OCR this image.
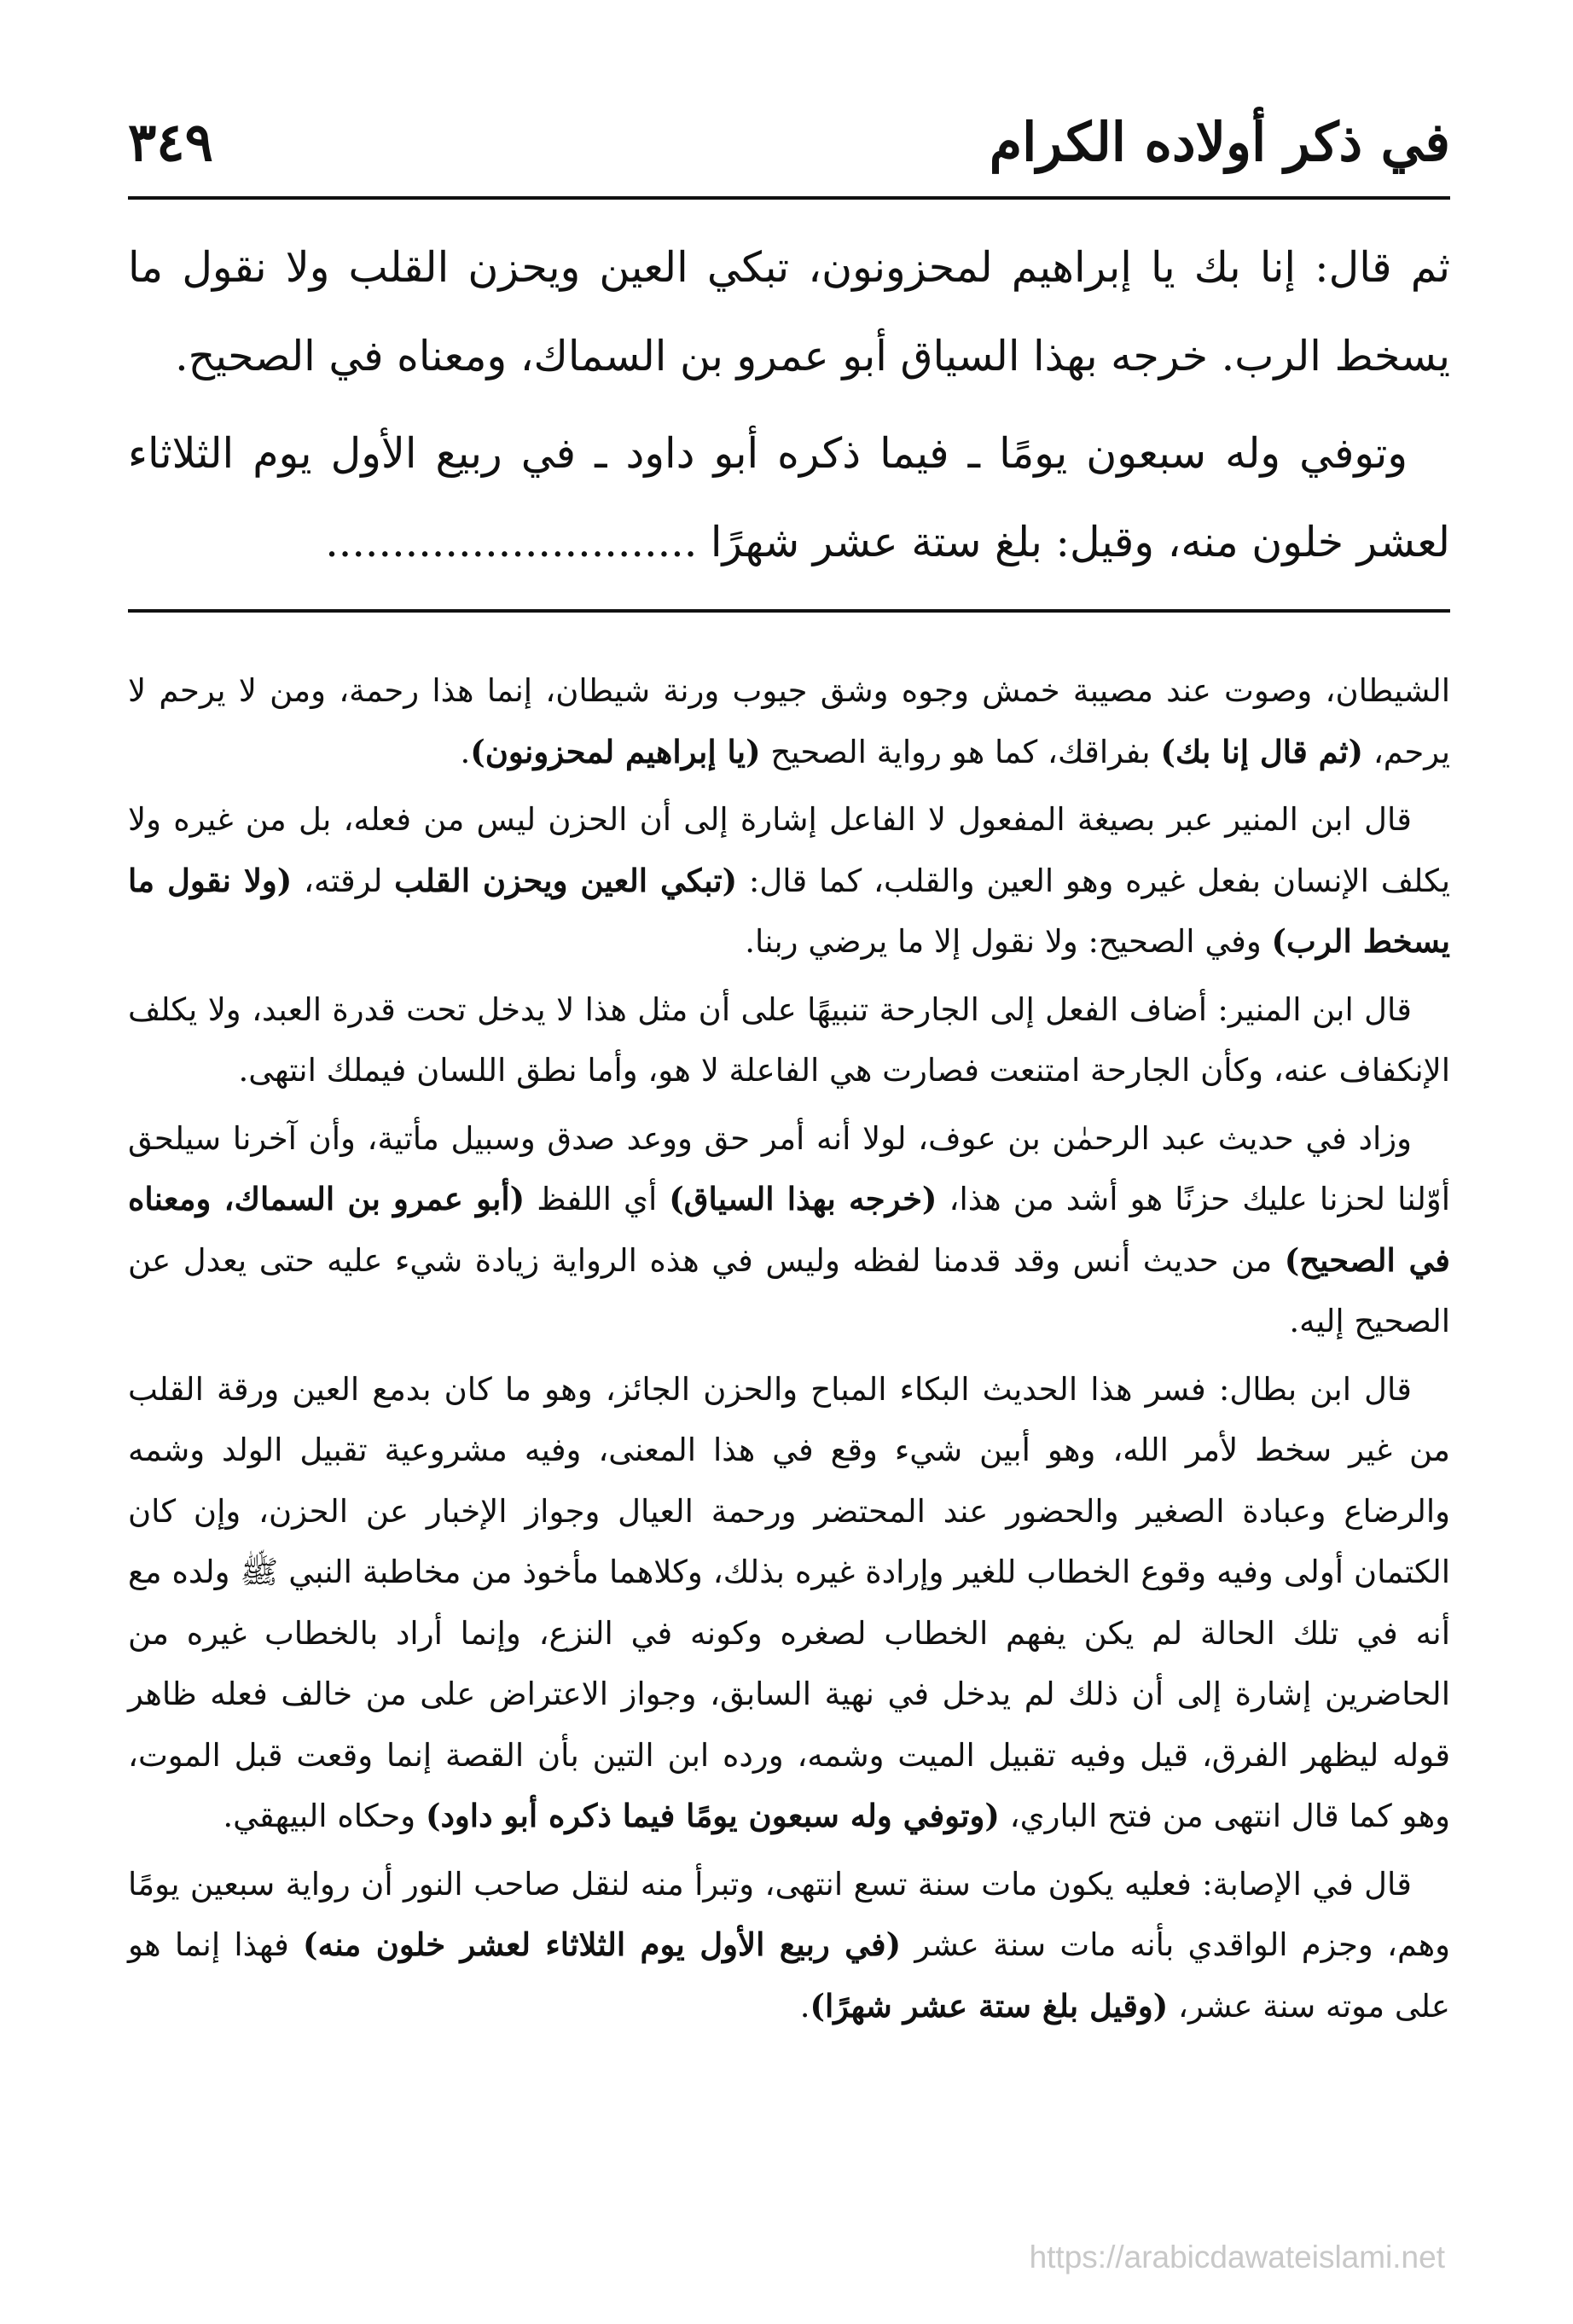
في ذكر أولاده الكرام
٣٤٩

ثم قال: إنا بك يا إبراهيم لمحزونون، تبكي العين ويحزن القلب ولا نقول ما يسخط الرب. خرجه بهذا السياق أبو عمرو بن السماك، ومعناه في الصحيح.

وتوفي وله سبعون يومًا ـ فيما ذكره أبو داود ـ في ربيع الأول يوم الثلاثاء لعشر خلون منه، وقيل: بلغ ستة عشر شهرًا ............................

الشيطان، وصوت عند مصيبة خمش وجوه وشق جيوب ورنة شيطان، إنما هذا رحمة، ومن لا يرحم لا يرحم، (ثم قال إنا بك) بفراقك، كما هو رواية الصحيح (يا إبراهيم لمحزونون).

قال ابن المنير عبر بصيغة المفعول لا الفاعل إشارة إلى أن الحزن ليس من فعله، بل من غيره ولا يكلف الإنسان بفعل غيره وهو العين والقلب، كما قال: (تبكي العين ويحزن القلب لرقته، (ولا نقول ما يسخط الرب) وفي الصحيح: ولا نقول إلا ما يرضي ربنا.

قال ابن المنير: أضاف الفعل إلى الجارحة تنبيهًا على أن مثل هذا لا يدخل تحت قدرة العبد، ولا يكلف الإنكفاف عنه، وكأن الجارحة امتنعت فصارت هي الفاعلة لا هو، وأما نطق اللسان فيملك انتهى.

وزاد في حديث عبد الرحمٰن بن عوف، لولا أنه أمر حق ووعد صدق وسبيل مأتية، وأن آخرنا سيلحق أوّلنا لحزنا عليك حزنًا هو أشد من هذا، (خرجه بهذا السياق) أي اللفظ (أبو عمرو بن السماك، ومعناه في الصحيح) من حديث أنس وقد قدمنا لفظه وليس في هذه الرواية زيادة شيء عليه حتى يعدل عن الصحيح إليه.

قال ابن بطال: فسر هذا الحديث البكاء المباح والحزن الجائز، وهو ما كان بدمع العين ورقة القلب من غير سخط لأمر الله، وهو أبين شيء وقع في هذا المعنى، وفيه مشروعية تقبيل الولد وشمه والرضاع وعبادة الصغير والحضور عند المحتضر ورحمة العيال وجواز الإخبار عن الحزن، وإن كان الكتمان أولى وفيه وقوع الخطاب للغير وإرادة غيره بذلك، وكلاهما مأخوذ من مخاطبة النبي ﷺ ولده مع أنه في تلك الحالة لم يكن يفهم الخطاب لصغره وكونه في النزع، وإنما أراد بالخطاب غيره من الحاضرين إشارة إلى أن ذلك لم يدخل في نهية السابق، وجواز الاعتراض على من خالف فعله ظاهر قوله ليظهر الفرق، قيل وفيه تقبيل الميت وشمه، ورده ابن التين بأن القصة إنما وقعت قبل الموت، وهو كما قال انتهى من فتح الباري، (وتوفي وله سبعون يومًا فيما ذكره أبو داود) وحكاه البيهقي.

قال في الإصابة: فعليه يكون مات سنة تسع انتهى، وتبرأ منه لنقل صاحب النور أن رواية سبعين يومًا وهم، وجزم الواقدي بأنه مات سنة عشر (في ربيع الأول يوم الثلاثاء لعشر خلون منه) فهذا إنما هو على موته سنة عشر، (وقيل بلغ ستة عشر شهرًا).

https://arabicdawateislami.net
